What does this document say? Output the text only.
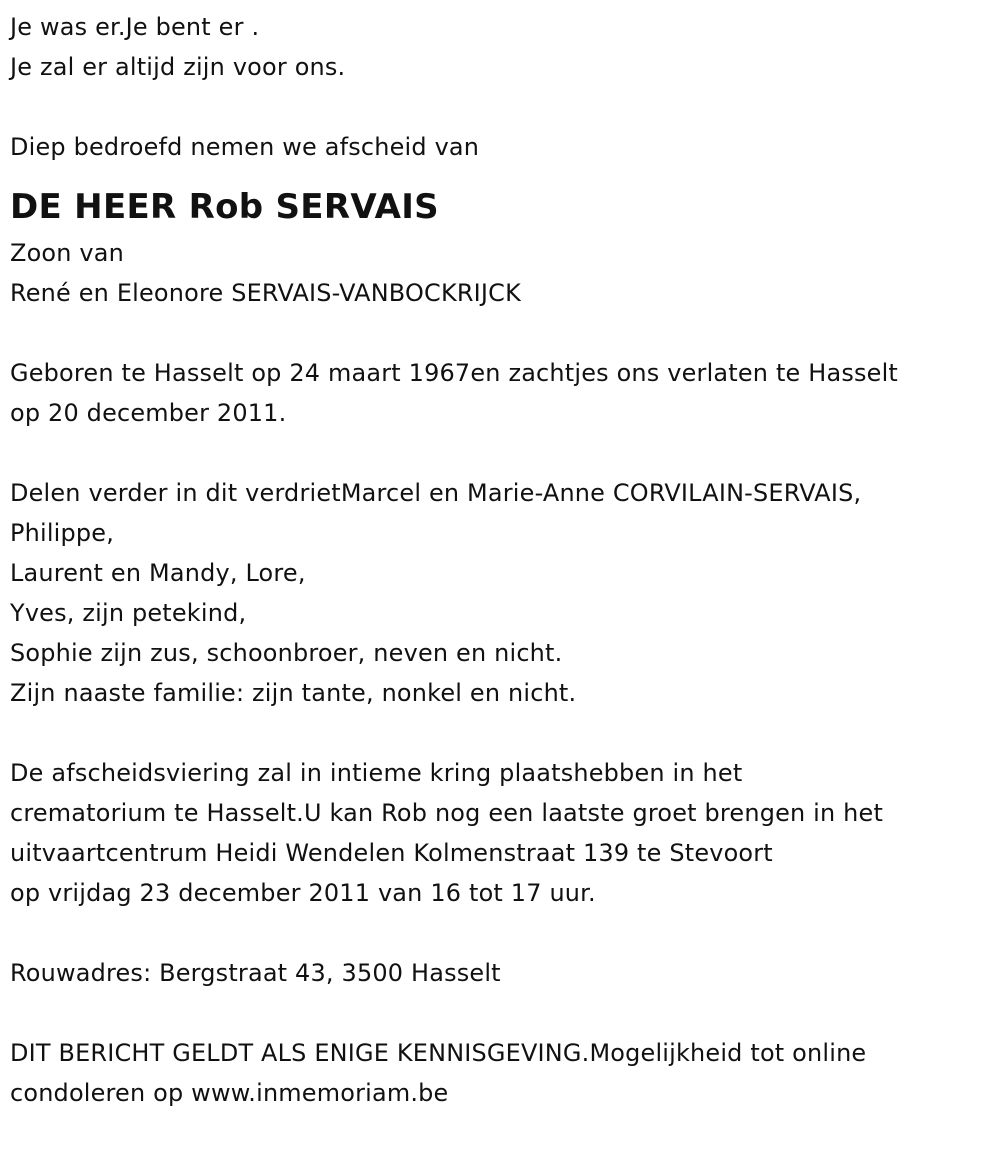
Je was er.Je bent er .
Je zal er altijd zijn voor ons.
Diep bedroefd nemen we afscheid van
DE HEER Rob SERVAIS
Zoon van
René en Eleonore SERVAIS-VANBOCKRIJCK
Geboren te Hasselt op 24 maart 1967en zachtjes ons verlaten te Hasselt
op 20 december 2011.
Delen verder in dit verdrietMarcel en Marie-Anne CORVILAIN-SERVAIS,
Philippe,
Laurent en Mandy, Lore,
Yves, zijn petekind,
Sophie zijn zus, schoonbroer, neven en nicht.
Zijn naaste familie: zijn tante, nonkel en nicht.
De afscheidsviering zal in intieme kring plaatshebben in het
crematorium te Hasselt.U kan Rob nog een laatste groet brengen in het
uitvaartcentrum Heidi Wendelen Kolmenstraat 139 te Stevoort
op vrijdag 23 december 2011 van 16 tot 17 uur.
Rouwadres: Bergstraat 43, 3500 Hasselt
DIT BERICHT GELDT ALS ENIGE KENNISGEVING.Mogelijkheid tot online
condoleren op www.inmemoriam.be
